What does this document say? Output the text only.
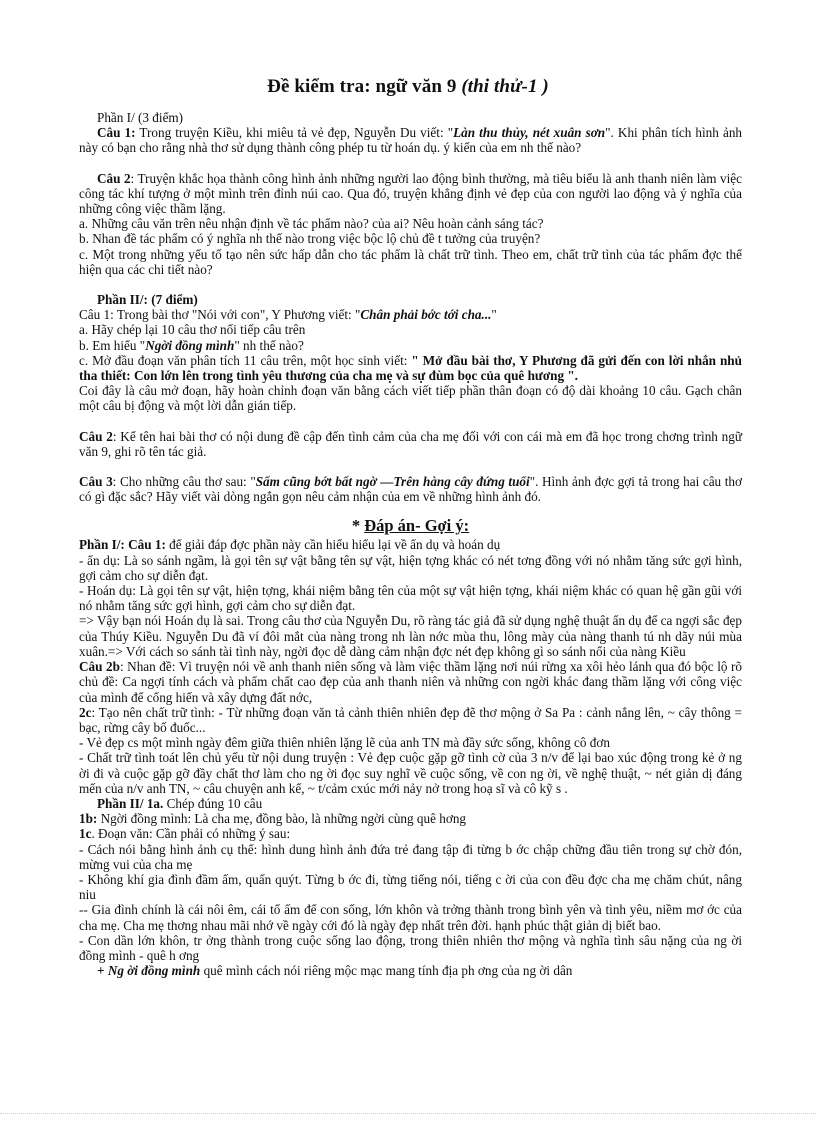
Đề kiểm tra: ngữ văn 9 (thi thử-1 )

Phần I/ (3 điểm)

Câu 1: Trong truyện Kiều, khi miêu tả vẻ đẹp, Nguyễn Du viết: "Làn thu thủy, nét xuân sơn". Khi phân tích hình ảnh này có bạn cho rằng nhà thơ sử dụng thành công phép tu từ hoán dụ. ý kiến của em nh thế nào?

Câu 2: Truyện khắc họa thành công hình ảnh những người lao động bình thường, mà tiêu biểu là anh thanh niên làm việc công tác khí tượng ở một mình trên đỉnh núi cao. Qua đó, truyện khẳng định vẻ đẹp của con người lao động và ý nghĩa của những công việc thầm lặng.

a. Những câu văn trên nêu nhận định về tác phẩm nào? của ai? Nêu hoàn cảnh sáng tác?

b. Nhan đề tác phẩm có ý nghĩa nh thế nào trong việc bộc lộ chủ đề t tưởng của truyện?

c. Một trong những yếu tố tạo nên sức hấp dẫn cho tác phẩm là chất trữ tình. Theo em, chất trữ tình của tác phẩm đợc thể hiện qua các chi tiết nào?

Phần II/: (7 điểm)

Câu 1: Trong bài thơ "Nói với con", Y Phương viết: "Chân phải bớc tới cha..."

a. Hãy chép lại 10 câu thơ nối tiếp câu trên

b. Em hiểu "Ngời đồng mình" nh thế nào?

c. Mở đầu đoạn văn phân tích 11 câu trên, một học sinh viết: " Mở đầu bài thơ, Y Phương đã gửi đến con lời nhắn nhủ tha thiết: Con lớn lên trong tình yêu thương của cha mẹ và sự đùm bọc của quê hương ".

Coi đây là câu mở đoạn, hãy hoàn chỉnh đoạn văn bằng cách viết tiếp phần thân đoạn có độ dài khoảng 10 câu. Gạch chân một câu bị động và một lời dẫn gián tiếp.

Câu 2: Kể tên hai bài thơ có nội dung đề cập đến tình cảm của cha mẹ đối với con cái mà em đã học trong chơng trình ngữ văn 9, ghi rõ tên tác giả.

Câu 3: Cho những câu thơ sau: "Sấm cũng bớt bất ngờ —Trên hàng cây đứng tuổi". Hình ảnh đợc gợi tả trong hai câu thơ có gì đặc sắc? Hãy viết vài dòng ngắn gọn nêu cảm nhận của em về những hình ảnh đó.

* Đáp án- Gợi ý:

Phần I/: Câu 1: để giải đáp đợc phần này cần hiểu hiểu lại về ẩn dụ và hoán dụ

- ẩn dụ: Là so sánh ngầm, là gọi tên sự vật bằng tên sự vật, hiện tợng khác có nét tơng đồng với nó nhằm tăng sức gợi hình, gợi cảm cho sự diễn đạt.

- Hoán dụ: Là gọi tên sự vật, hiện tợng, khái niệm bằng tên của một sự vật hiện tợng, khái niệm khác có quan hệ gần gũi với nó nhằm tăng sức gợi hình, gợi cảm cho sự diễn đạt.

=> Vậy bạn nói Hoán dụ là sai. Trong câu thơ của Nguyễn Du, rõ ràng tác giả đã sử dụng nghệ thuật ẩn dụ để ca ngợi sắc đẹp của Thúy Kiều. Nguyễn Du đã ví đôi mắt của nàng trong nh làn nớc mùa thu, lông mày của nàng thanh tú nh dãy núi mùa xuân.=> Với cách so sánh tài tình này, ngời đọc dễ dàng cảm nhận đợc nét đẹp không gì so sánh nổi của nàng Kiều

Câu 2b: Nhan đề: Vì truyện nói về anh thanh niên sống và làm việc thầm lặng nơi núi rừng xa xôi hẻo lánh qua đó bộc lộ rõ chủ đề: Ca ngợi tính cách và phẩm chất cao đẹp của anh thanh niên và những con ngời khác đang thầm lặng với công việc của mình để cống hiến và xây dựng đất nớc,

2c: Tạo nên chất trữ tình: - Từ những đoạn văn tả cảnh thiên nhiên đẹp đẽ thơ mộng ở Sa Pa : cảnh nắng lên, ~ cây thông = bạc, rừng cây bố đuốc...

- Vẻ đẹp cs một mình ngày đêm giữa thiên nhiên lặng lẽ của anh TN mà đầy sức sống, không cô đơn

- Chất trữ tình toát lên chủ yếu từ nội dung truyện : Vẻ đẹp cuộc gặp gỡ tình cờ của 3 n/v để lại bao xúc động trong kẻ ở ng ời đi và cuộc gặp gỡ đầy chất thơ làm cho ng ời đọc suy nghĩ về cuộc sống, về con ng ời, về nghệ thuật, ~ nét giản dị đáng mến của n/v anh TN, ~ câu chuyện anh kể, ~ t/cảm cxúc mới nảy nở trong hoạ sĩ và cô kỹ s .

Phần II/ 1a. Chép đúng 10 câu

1b: Ngời đồng mình: Là cha mẹ, đồng bào, là những ngời cùng quê hơng

1c. Đoạn văn: Cần phải có những ý sau:

- Cách nói bằng hình ảnh cụ thể: hình dung hình ảnh đứa trẻ đang tập đi từng b ớc chập chững đầu tiên trong sự chờ đón, mừng vui của cha mẹ

- Không khí gia đình đầm ấm, quấn quýt. Từng b ớc đi, từng tiếng nói, tiếng c ời của con đều đợc cha mẹ chăm chút, nâng niu

-- Gia đình chính là cái nôi êm, cái tổ ấm để con sống, lớn khôn và trởng thành trong bình yên và tình yêu, niềm mơ ớc của cha mẹ. Cha mẹ thơng nhau mãi nhớ về ngày cới đó là ngày đẹp nhất trên đời. hạnh phúc thật giản dị biết bao.

- Con dần lớn khôn, tr ởng thành trong cuộc sống lao động, trong thiên nhiên thơ mộng và nghĩa tình sâu nặng của ng ời đồng mình - quê h ơng

+ Ng ời đồng mình quê mình cách nói riêng mộc mạc mang tính địa ph ơng của ng ời dân
